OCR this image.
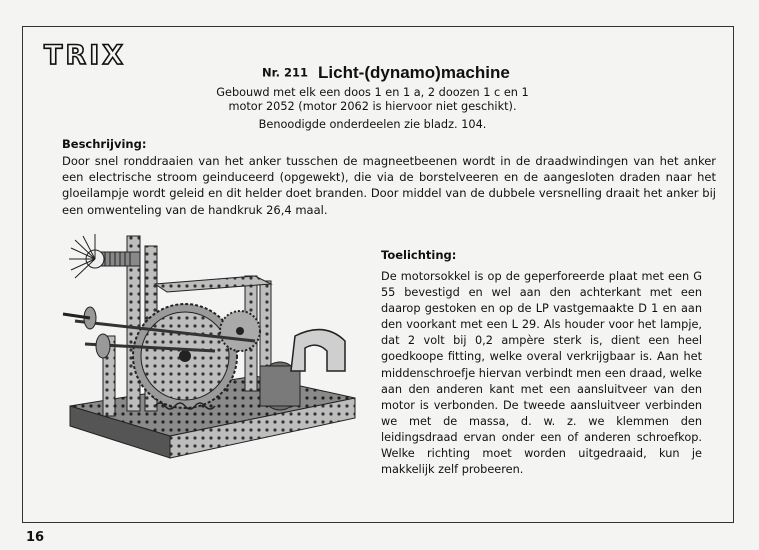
TRIX
Nr. 211 Licht-(dynamo)machine
Gebouwd met elk een doos 1 en 1 a, 2 doozen 1 c en 1 motor 2052 (motor 2062 is hiervoor niet geschikt).
Benoodigde onderdeelen zie bladz. 104.
Beschrijving:
Door snel ronddraaien van het anker tusschen de magneetbeenen wordt in de draadwindingen van het anker een electrische stroom geinduceerd (opgewekt), die via de borstelveeren en de aangesloten draden naar het gloeilampje wordt geleid en dit helder doet branden. Door middel van de dubbele versnelling draait het anker bij een omwenteling van de handkruk 26,4 maal.
Toelichting:
De motorsokkel is op de geperforeerde plaat met een G 55 bevestigd en wel aan den achterkant met een daarop gestoken en op de LP vastgemaakte D 1 en aan den voorkant met een L 29. Als houder voor het lampje, dat 2 volt bij 0,2 ampère sterk is, dient een heel goedkoope fitting, welke overal verkrijgbaar is. Aan het middenschroefje hiervan verbindt men een draad, welke aan den anderen kant met een aansluitveer van den motor is verbonden. De tweede aansluitveer verbinden we met de massa, d. w. z. we klemmen den leidingsdraad ervan onder een of anderen schroefkop. Welke richting moet worden uitgedraaid, kun je makkelijk zelf probeeren.
16
